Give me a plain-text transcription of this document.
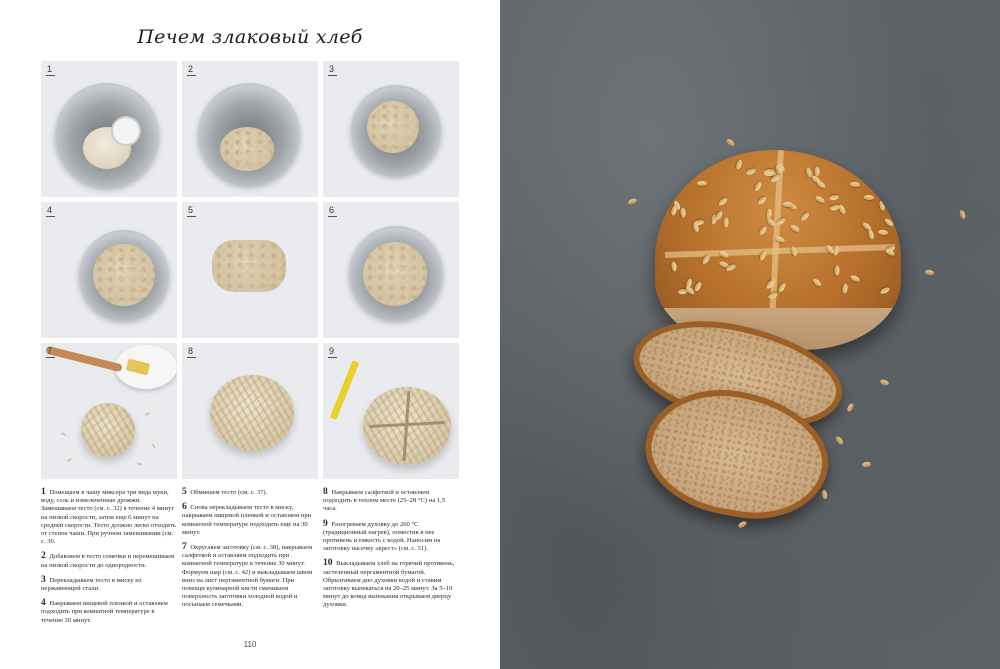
Печем злаковый хлеб
1	2	3
4	5	6
7	8	9

1 Помещаем в чашу миксера три вида муки, воду, соль и измельченные дрожжи. Замешиваем тесто (см. с. 32) в течение 4 минут на низкой скорости, затем еще 6 минут на средней скорости. Тесто должно легко отходить от стенок чаши. При ручном замешивании (см. с. 30.

2 Добавляем в тесто семечки и перемешиваем на низкой скорости до однородности.

3 Перекладываем тесто в миску из нержавеющей стали.

4 Накрываем пищевой пленкой и оставляем подходить при комнатной температуре в течение 30 минут.

5 Обминаем тесто (см. с. 37).

6 Снова перекладываем тесто в миску, накрываем пищевой пленкой и оставляем при комнатной температуре подходить еще на 30 минут.

7 Округляем заготовку (см. с. 38), накрываем салфеткой и оставляем подходить при комнатной температуре в течение 30 минут. Формуем шар (см. с. 42) и выкладываем швом вниз на лист пергаментной бумаги. При помощи кулинарной кисти смачиваем поверхность заготовки холодной водой и посыпаем семечками.

8 Накрываем салфеткой и оставляем подходить в теплом месте (25–28 °C) на 1,5 часа.

9 Разогреваем духовку до 260 °C (традиционный нагрев), поместив в нее противень и емкость с водой. Наносим на заготовку насечку «крест» (см. с. 51).

10 Выкладываем хлеб на горячий противень, застеленный пергаментной бумагой. Обрызгиваем дно духовки водой и ставим заготовку выпекаться на 20–25 минут. За 5–10 минут до конца выпекания открываем дверцу духовки.

110
